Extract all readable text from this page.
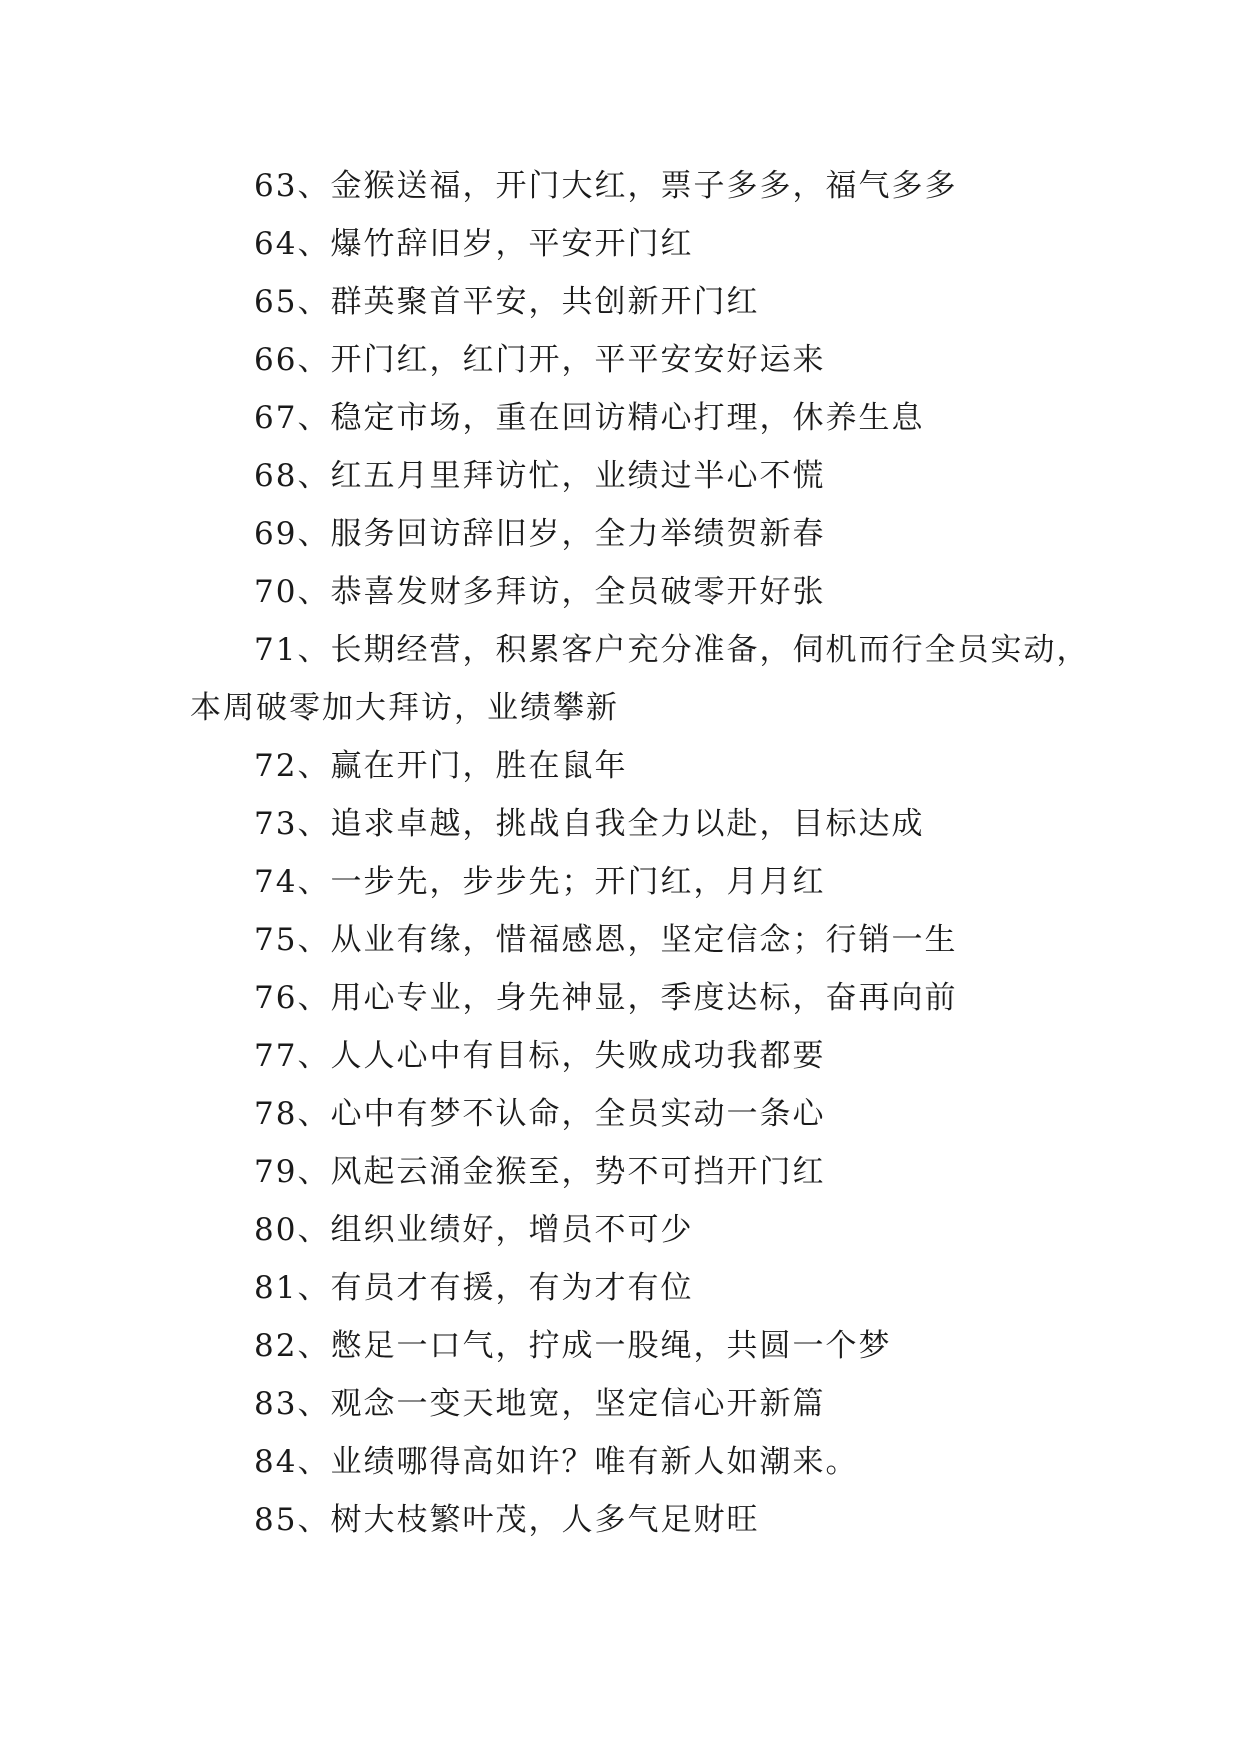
63、金猴送福，开门大红，票子多多，福气多多
64、爆竹辞旧岁，平安开门红
65、群英聚首平安，共创新开门红
66、开门红，红门开，平平安安好运来
67、稳定市场，重在回访精心打理，休养生息
68、红五月里拜访忙，业绩过半心不慌
69、服务回访辞旧岁，全力举绩贺新春
70、恭喜发财多拜访，全员破零开好张
71、长期经营，积累客户充分准备，伺机而行全员实动，
本周破零加大拜访，业绩攀新
72、赢在开门，胜在鼠年
73、追求卓越，挑战自我全力以赴，目标达成
74、一步先，步步先；开门红，月月红
75、从业有缘，惜福感恩，坚定信念；行销一生
76、用心专业，身先神显，季度达标，奋再向前
77、人人心中有目标，失败成功我都要
78、心中有梦不认命，全员实动一条心
79、风起云涌金猴至，势不可挡开门红
80、组织业绩好，增员不可少
81、有员才有援，有为才有位
82、憋足一口气，拧成一股绳，共圆一个梦
83、观念一变天地宽，坚定信心开新篇
84、业绩哪得高如许？唯有新人如潮来。
85、树大枝繁叶茂，人多气足财旺
